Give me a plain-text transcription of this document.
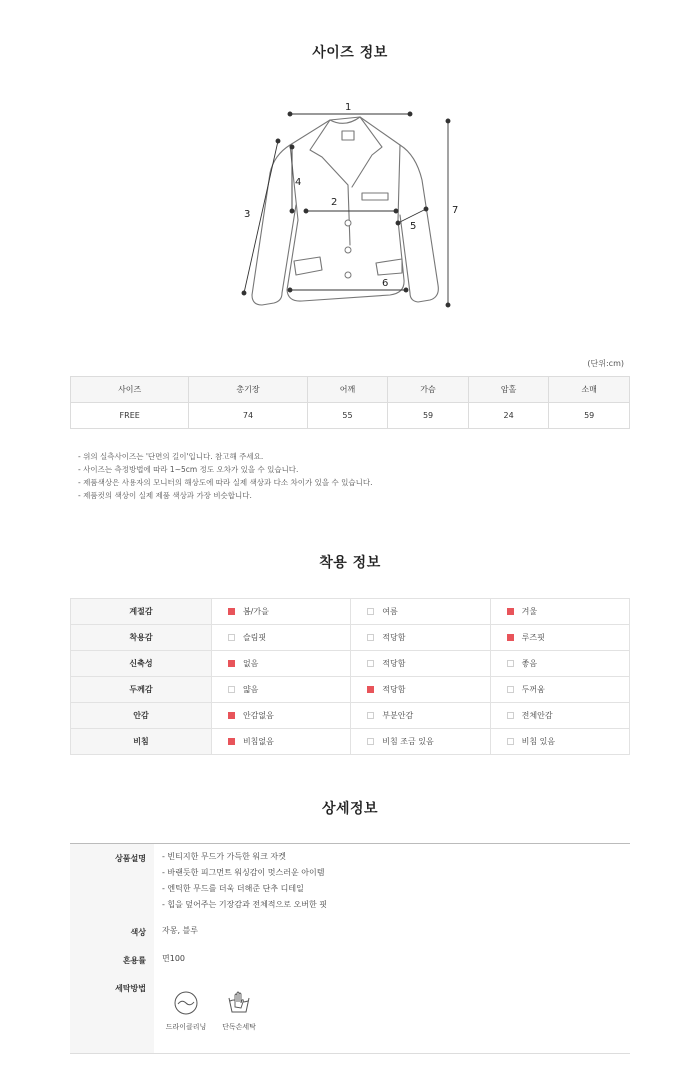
사이즈 정보
1
2
3
4
5
6
7
(단위:cm)
사이즈	총기장	어깨	가슴	암홀	소매
FREE	74	55	59	24	59
- 위의 실측사이즈는 '단면의 길이'입니다. 참고해 주세요.
- 사이즈는 측정방법에 따라 1~5cm 정도 오차가 있을 수 있습니다.
- 제품색상은 사용자의 모니터의 해상도에 따라 실제 색상과 다소 차이가 있을 수 있습니다.
- 제품컷의 색상이 실제 제품 색상과 가장 비슷합니다.
착용 정보
계절감	봄/가을	여름	겨울
착용감	슬림핏	적당함	루즈핏
신축성	없음	적당함	좋음
두께감	얇음	적당함	두꺼움
안감	안감없음	부분안감	전체안감
비침	비침없음	비침 조금 있음	비침 있음
상세정보
상품설명 - 빈티지한 무드가 가득한 워크 자켓
- 바랜듯한 피그먼트 워싱감이 멋스러운 아이템
- 엔틱한 무드를 더욱 더해준 단추 디테일
- 힙을 덮어주는 기장감과 전체적으로 오버한 핏
색상 자몽, 블루
혼용률 면100
세탁방법
드라이클리닝	단독손세탁
